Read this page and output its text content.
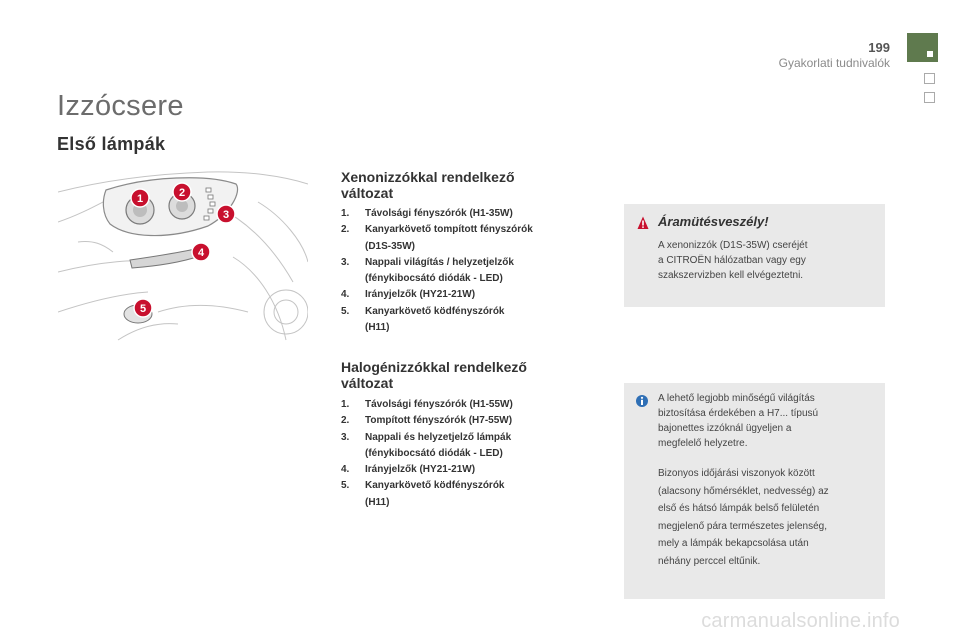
199
Gyakorlati tudnivalók
Izzócsere
Első lámpák
1	2
3
4
5
Xenonizzókkal rendelkező
változat
1. Távolsági fényszórók (H1-35W)
2. Kanyarkövető tompított fényszórók
(D1S-35W)
3. Nappali világítás / helyzetjelzők
(fénykibocsátó diódák - LED)
4. Irányjelzők (HY21-21W)
5. Kanyarkövető ködfényszórók
(H11)
Halogénizzókkal rendelkező
változat
1. Távolsági fényszórók (H1-55W)
2. Tompított fényszórók (H7-55W)
3. Nappali és helyzetjelző lámpák
(fénykibocsátó diódák - LED)
4. Irányjelzők (HY21-21W)
5. Kanyarkövető ködfényszórók
(H11)
Áramütésveszély!
A xenonizzók (D1S-35W) cseréjét
a CITROËN hálózatban vagy egy
szakszervizben kell elvégeztetni.
A lehető legjobb minőségű világítás
biztosítása érdekében a H7... típusú
bajonettes izzóknál ügyeljen a
megfelelő helyzetre.
Bizonyos időjárási viszonyok között
(alacsony hőmérséklet, nedvesség) az
első és hátsó lámpák belső felületén
megjelenő pára természetes jelenség,
mely a lámpák bekapcsolása után
néhány perccel eltűnik.
carmanualsonline.info
